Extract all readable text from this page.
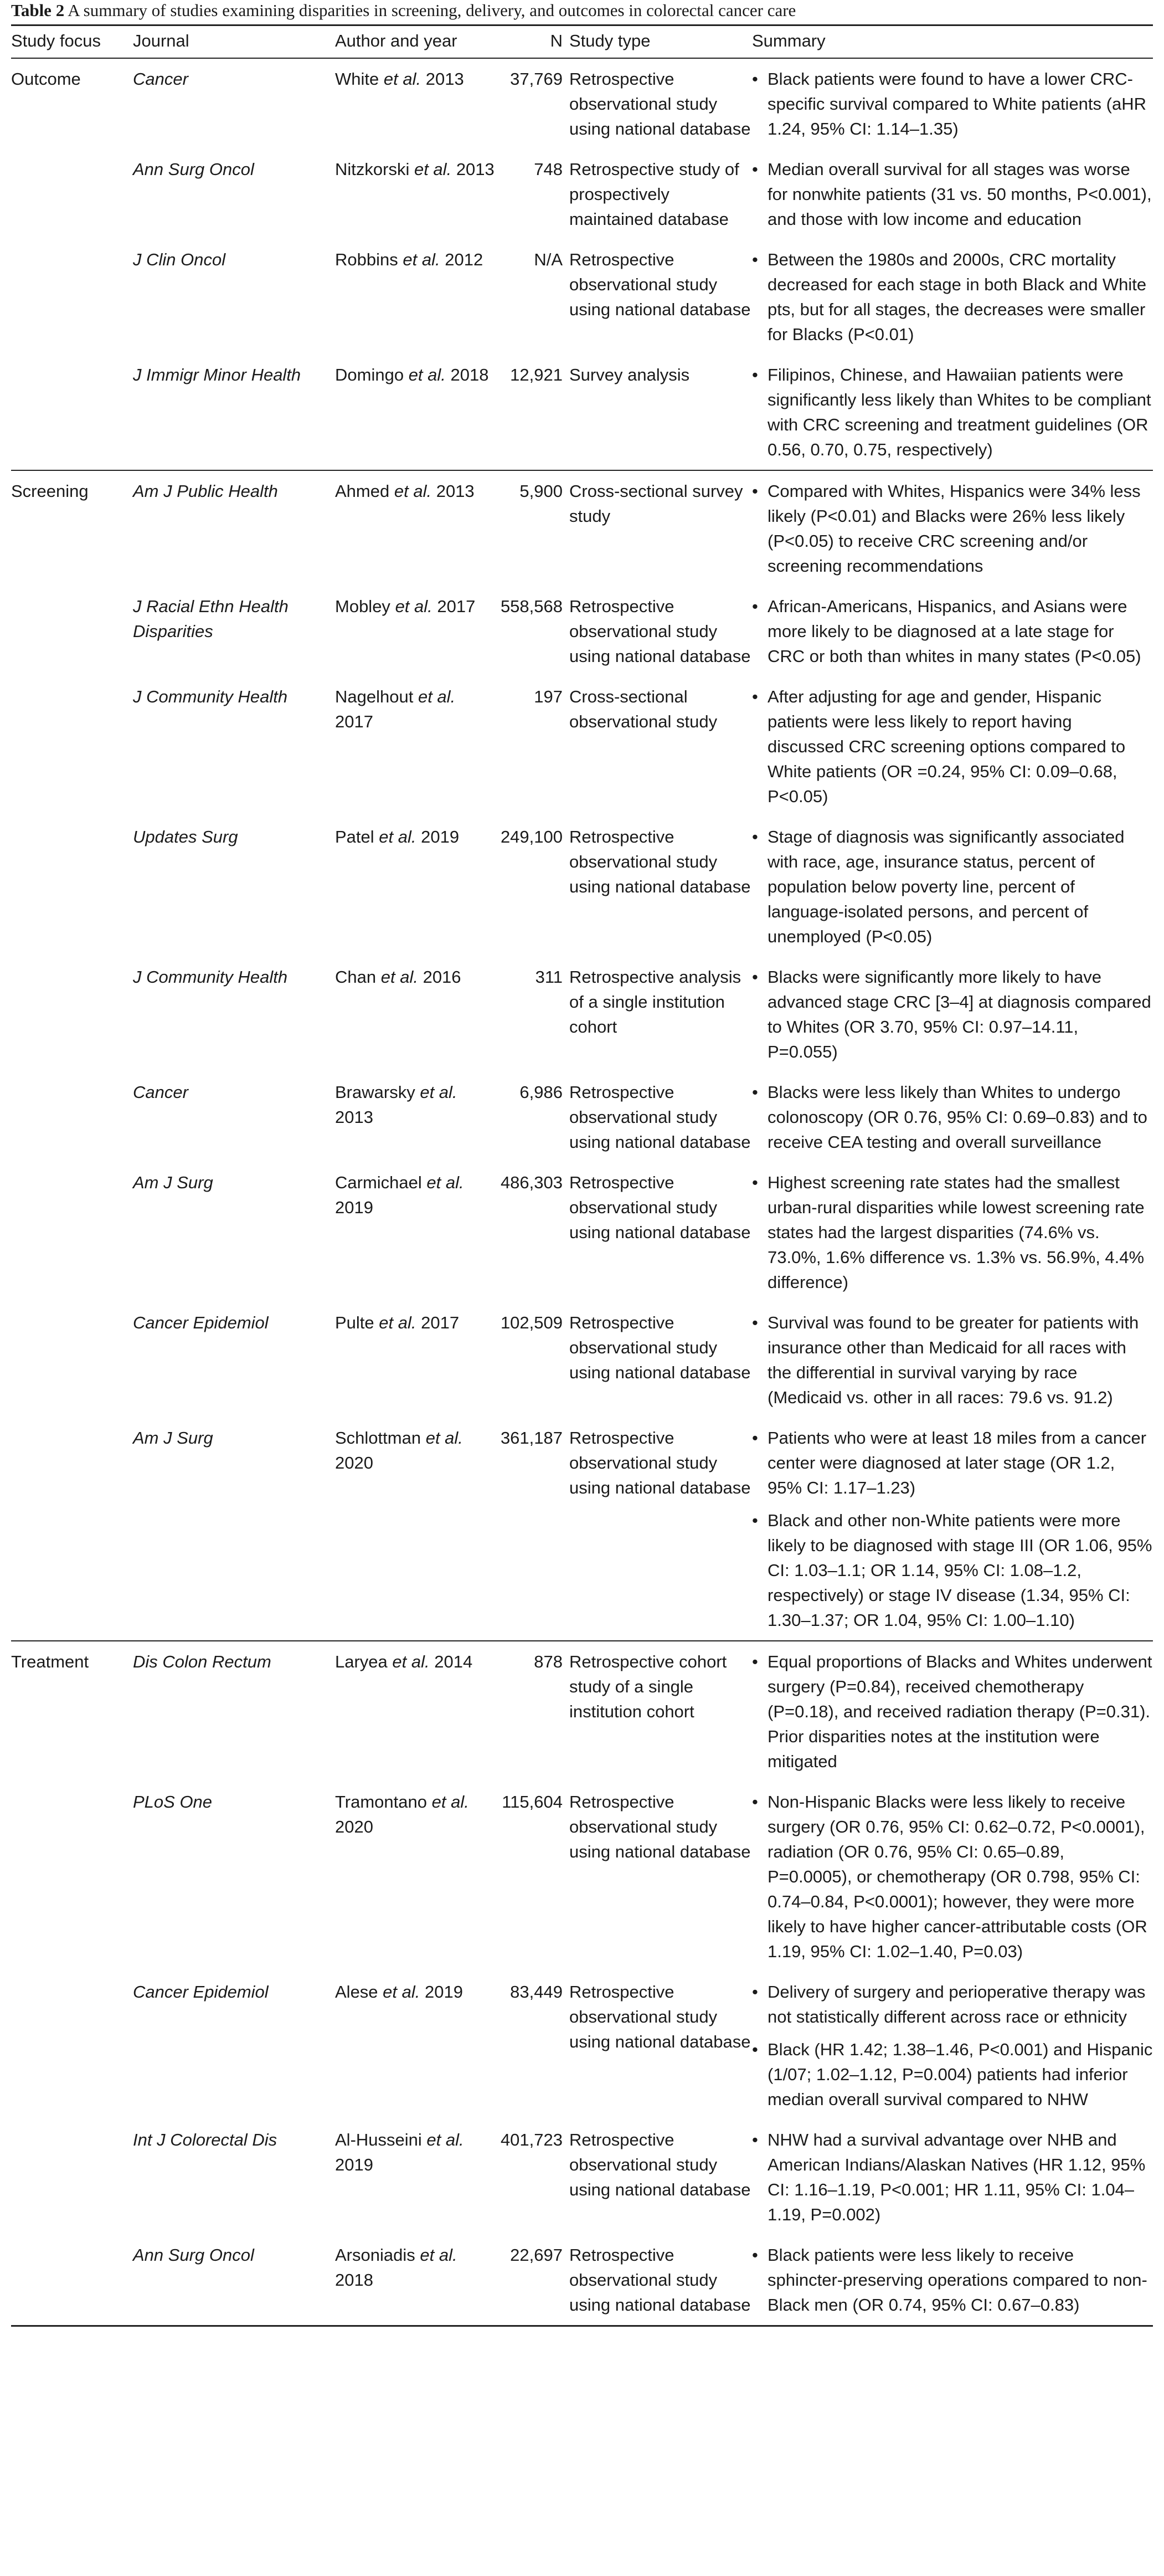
Table 2 A summary of studies examining disparities in screening, delivery, and outcomes in colorectal cancer care
Study focus	Journal	Author and year	N	Study type	Summary
Outcome	Cancer	White et al. 2013	37,769	Retrospective observational study using national database	• Black patients were found to have a lower CRC-specific survival compared to White patients (aHR 1.24, 95% CI: 1.14–1.35)

	Ann Surg Oncol	Nitzkorski et al. 2013	748	Retrospective study of prospectively maintained database	• Median overall survival for all stages was worse for nonwhite patients (31 vs. 50 months, P<0.001), and those with low income and education

	J Clin Oncol	Robbins et al. 2012	N/A	Retrospective observational study using national database	• Between the 1980s and 2000s, CRC mortality decreased for each stage in both Black and White pts, but for all stages, the decreases were smaller for Blacks (P<0.01)

	J Immigr Minor Health	Domingo et al. 2018	12,921	Survey analysis	• Filipinos, Chinese, and Hawaiian patients were significantly less likely than Whites to be compliant with CRC screening and treatment guidelines (OR 0.56, 0.70, 0.75, respectively)

Screening	Am J Public Health	Ahmed et al. 2013	5,900	Cross-sectional survey study	• Compared with Whites, Hispanics were 34% less likely (P<0.01) and Blacks were 26% less likely (P<0.05) to receive CRC screening and/or screening recommendations

	J Racial Ethn Health Disparities	Mobley et al. 2017	558,568	Retrospective observational study using national database	• African-Americans, Hispanics, and Asians were more likely to be diagnosed at a late stage for CRC or both than whites in many states (P<0.05)

	J Community Health	Nagelhout et al. 2017	197	Cross-sectional observational study	• After adjusting for age and gender, Hispanic patients were less likely to report having discussed CRC screening options compared to White patients (OR =0.24, 95% CI: 0.09–0.68, P<0.05)

	Updates Surg	Patel et al. 2019	249,100	Retrospective observational study using national database	• Stage of diagnosis was significantly associated with race, age, insurance status, percent of population below poverty line, percent of language-isolated persons, and percent of unemployed (P<0.05)

	J Community Health	Chan et al. 2016	311	Retrospective analysis of a single institution cohort	• Blacks were significantly more likely to have advanced stage CRC [3–4] at diagnosis compared to Whites (OR 3.70, 95% CI: 0.97–14.11, P=0.055)

	Cancer	Brawarsky et al. 2013	6,986	Retrospective observational study using national database	• Blacks were less likely than Whites to undergo colonoscopy (OR 0.76, 95% CI: 0.69–0.83) and to receive CEA testing and overall surveillance

	Am J Surg	Carmichael et al. 2019	486,303	Retrospective observational study using national database	• Highest screening rate states had the smallest urban-rural disparities while lowest screening rate states had the largest disparities (74.6% vs. 73.0%, 1.6% difference vs. 1.3% vs. 56.9%, 4.4% difference)

	Cancer Epidemiol	Pulte et al. 2017	102,509	Retrospective observational study using national database	• Survival was found to be greater for patients with insurance other than Medicaid for all races with the differential in survival varying by race (Medicaid vs. other in all races: 79.6 vs. 91.2)

	Am J Surg	Schlottman et al. 2020	361,187	Retrospective observational study using national database	• Patients who were at least 18 miles from a cancer center were diagnosed at later stage (OR 1.2, 95% CI: 1.17–1.23)
• Black and other non-White patients were more likely to be diagnosed with stage III (OR 1.06, 95% CI: 1.03–1.1; OR 1.14, 95% CI: 1.08–1.2, respectively) or stage IV disease (1.34, 95% CI: 1.30–1.37; OR 1.04, 95% CI: 1.00–1.10)

Treatment	Dis Colon Rectum	Laryea et al. 2014	878	Retrospective cohort study of a single institution cohort	• Equal proportions of Blacks and Whites underwent surgery (P=0.84), received chemotherapy (P=0.18), and received radiation therapy (P=0.31). Prior disparities notes at the institution were mitigated

	PLoS One	Tramontano et al. 2020	115,604	Retrospective observational study using national database	• Non-Hispanic Blacks were less likely to receive surgery (OR 0.76, 95% CI: 0.62–0.72, P<0.0001), radiation (OR 0.76, 95% CI: 0.65–0.89, P=0.0005), or chemotherapy (OR 0.798, 95% CI: 0.74–0.84, P<0.0001); however, they were more likely to have higher cancer-attributable costs (OR 1.19, 95% CI: 1.02–1.40, P=0.03)

	Cancer Epidemiol	Alese et al. 2019	83,449	Retrospective observational study using national database	• Delivery of surgery and perioperative therapy was not statistically different across race or ethnicity
• Black (HR 1.42; 1.38–1.46, P<0.001) and Hispanic (1/07; 1.02–1.12, P=0.004) patients had inferior median overall survival compared to NHW

	Int J Colorectal Dis	Al-Husseini et al. 2019	401,723	Retrospective observational study using national database	• NHW had a survival advantage over NHB and American Indians/Alaskan Natives (HR 1.12, 95% CI: 1.16–1.19, P<0.001; HR 1.11, 95% CI: 1.04–1.19, P=0.002)

	Ann Surg Oncol	Arsoniadis et al. 2018	22,697	Retrospective observational study using national database	• Black patients were less likely to receive sphincter-preserving operations compared to non-Black men (OR 0.74, 95% CI: 0.67–0.83)
